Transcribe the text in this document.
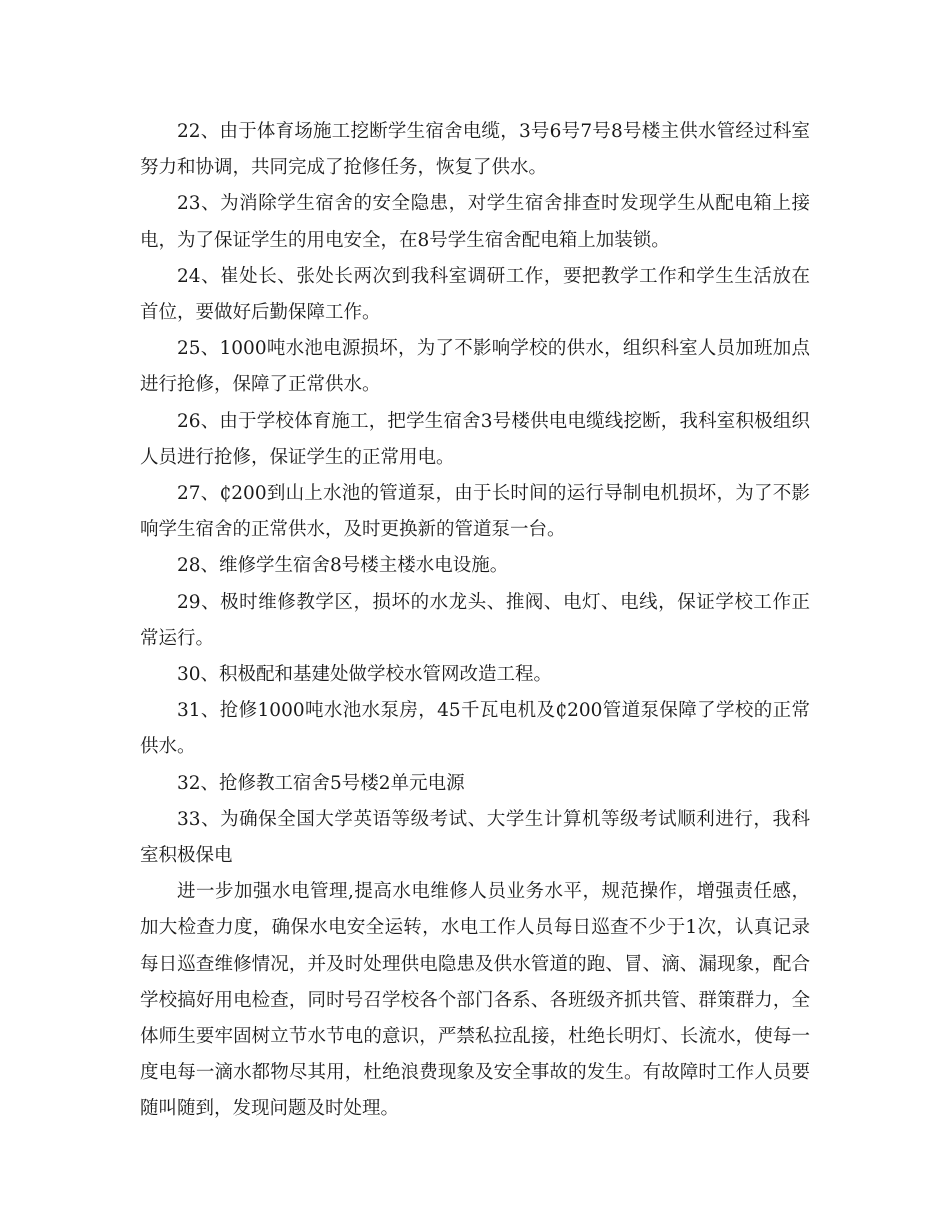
22、由于体育场施工挖断学生宿舍电缆，3号6号7号8号楼主供水管经过科室努力和协调，共同完成了抢修任务，恢复了供水。

23、为消除学生宿舍的安全隐患，对学生宿舍排查时发现学生从配电箱上接电，为了保证学生的用电安全，在8号学生宿舍配电箱上加装锁。

24、崔处长、张处长两次到我科室调研工作，要把教学工作和学生生活放在首位，要做好后勤保障工作。

25、1000吨水池电源损坏，为了不影响学校的供水，组织科室人员加班加点进行抢修，保障了正常供水。

26、由于学校体育施工，把学生宿舍3号楼供电电缆线挖断，我科室积极组织人员进行抢修，保证学生的正常用电。

27、₵200到山上水池的管道泵，由于长时间的运行导制电机损坏，为了不影响学生宿舍的正常供水，及时更换新的管道泵一台。

28、维修学生宿舍8号楼主楼水电设施。

29、极时维修教学区，损坏的水龙头、推阀、电灯、电线，保证学校工作正常运行。

30、积极配和基建处做学校水管网改造工程。

31、抢修1000吨水池水泵房，45千瓦电机及₵200管道泵保障了学校的正常供水。

32、抢修教工宿舍5号楼2单元电源

33、为确保全国大学英语等级考试、大学生计算机等级考试顺利进行，我科室积极保电

进一步加强水电管理,提高水电维修人员业务水平，规范操作，增强责任感，加大检查力度，确保水电安全运转，水电工作人员每日巡查不少于1次，认真记录每日巡查维修情况，并及时处理供电隐患及供水管道的跑、冒、滴、漏现象，配合学校搞好用电检查，同时号召学校各个部门各系、各班级齐抓共管、群策群力，全体师生要牢固树立节水节电的意识，严禁私拉乱接，杜绝长明灯、长流水，使每一度电每一滴水都物尽其用，杜绝浪费现象及安全事故的发生。有故障时工作人员要随叫随到，发现问题及时处理。
